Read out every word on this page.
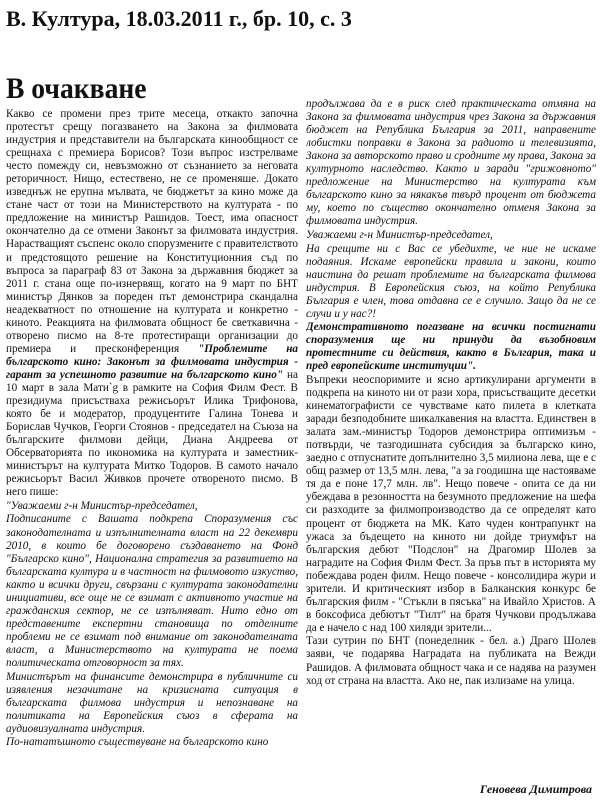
В. Култура, 18.03.2011 г., бр. 10, с. 3
В очакване

Какво се промени през трите месеца, откакто започна протестът срещу погазването на Закона за филмовата индустрия и представители на българската кинообщност се срещнаха с премиера Борисов? Този въпрос изстрелваме често помежду си, невъзможно от съзнанието за неговата реторичност. Нищо, естествено, не се променяше. Докато изведнъж не ерупна мълвата, че бюджетът за кино може да стане част от този на Министерството на културата - по предложение на министър Рашидов. Тоест, има опасност окончателно да се отмени Законът за филмовата индустрия. Нарастващият съспенс около спорузмените с правителството и предстоящото решение на Конституционния съд по въпроса за параграф 83 от Закона за държавния бюджет за 2011 г. стана още по-изнервящ, когато на 9 март по БНТ министър Дянков за пореден път демонстрира скандална неадекватност по отношение на културата и конкретно - киното. Реакцията на филмовата общност бе светкавична - отворено писмо на 8-те протестиращи организации до премиера и пресконференция "Проблемите на българското кино: Законът за филмовата индустрия - гарант за успешното развитие на българското кино" на 10 март в зала Мати`g в рамките на София Филм Фест. В президиума присъстваха режисьорът Илика Трифонова, която бе и модератор, продуцентите Галина Тонева и Борислав Чучков, Георги Стоянов - председател на Съюза на българските филмови дейци, Диана Андреева от Обсерваторията по икономика на културата и заместник-министърът на културата Митко Тодоров. В самото начало режисьорът Васил Живков прочете отвореното писмо. В него пише:

"Уважаеми г-н Министър-председател,

Подписаните с Вашата подкрепа Споразумения със законодателната и изпълнителната власт на 22 декември 2010, в които бе договорено създаването на Фонд "Българско кино", Национална стратегия за развитието на българската култура и в частност на филмовото изкуство, както и всички други, свързани с културата законодателни инициативи, все още не се взимат с активното участие на гражданския сектор, не се изпълняват. Нито едно от представените експертни становища по отделните проблеми не се взимат под внимание от законодателната власт, а Министерството на културата не поема политическата отговорност за тях.

Министърът на финансите демонстрира в публичните си изявления незачитане на кризисната ситуация в българската филмова индустрия и непознаване на политиката на Европейския съюз в сферата на аудиовизуалната индустрия.

По-нататъшното съществуване на българското кино

продължава да е в риск след практическата отмяна на Закона за филмовата индустрия чрез Закона за държавния бюджет на Република България за 2011, направените лобистки поправки в Закона за радиото и телевизията, Закона за авторското право и сродните му права, Закона за културното наследство. Както и заради "грижовното" предложение на Министерство на културата към българското кино за някакъв твърд процент от бюджета му, което по същество окончателно отменя Закона за филмовата индустрия.

Уважаеми г-н Министър-председател,

На срещите ни с Вас се убедихте, че ние не искаме подаяния. Искаме европейски правила и закони, които наистина да решат проблемите на българската филмова индустрия. В Европейския съюз, на който Република България е член, това отдавна се е случило. Защо да не се случи и у нас?!

Демонстративното погазване на всички постигнати споразумения ще ни принуди да възобновим протестните си действия, както в България, така и пред европейските институции".

Въпреки неоспоримите и ясно артикулирани аргументи в подкрепа на киното ни от рази хора, присъстващите десетки кинематографисти се чувстваме като пилета в клетката заради безподобните шикалкавения на властта. Единствен в залата зам.-министър Тодоров демонстрира оптимизъм - потвърди, че тазгодишната субсидия за българско кино, заедно с отпуснатите допълнително 3,5 милиона лева, ще е с общ размер от 13,5 млн. лева, "а за гоодишна ще настояваме тя да е поне 17,7 млн. лв". Нещо повече - опита се да ни убеждава в резонността на безумното предложение на шефа си разходите за филмопроизводство да се определят като процент от бюджета на МК. Като чуден контрапункт на ужаса за бъдещето на киното ни дойде триумфът на българския дебют "Подслон" на Драгомир Шолев за наградите на София Филм Фест. За пръв път в историята му побеждава роден филм. Нещо повече - консолидира жури и зрители. И критическият избор в Балканския конкурс бе българския филм - "Стъкли в пясъка" на Ивайло Христов. А в боксофиса дебютът "Тилт" на братя Чучкови продължава да е начело с над 100 хиляди зрители...

Тази сутрин по БНТ (понеделник - бел. а.) Драго Шолев заяви, че подарява Наградата на публиката на Вежди Рашидов. А филмовата общност чака и се надява на разумен ход от страна на властта. Ако не, пак излизаме на улица.

Геновева Димитрова
